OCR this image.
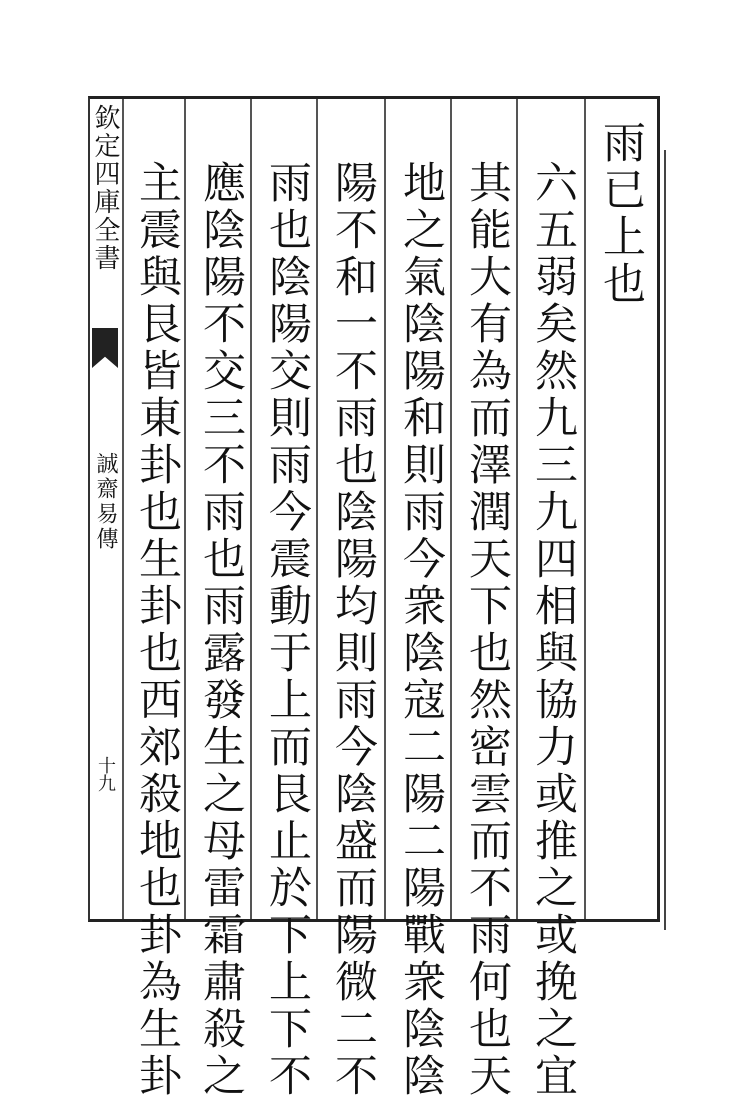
欽定四庫全書
誠齋易傳
十九
雨已上也
六五弱矣然九三九四相與協力或推之或挽之宜
其能大有為而澤潤天下也然密雲而不雨何也天
地之氣陰陽和則雨今衆陰寇二陽二陽戰衆陰陰
陽不和一不雨也陰陽均則雨今陰盛而陽微二不
雨也陰陽交則雨今震動于上而艮止於下上下不
應陰陽不交三不雨也雨露發生之母雷霜肅殺之
主震與艮皆東卦也生卦也西郊殺地也卦為生卦
